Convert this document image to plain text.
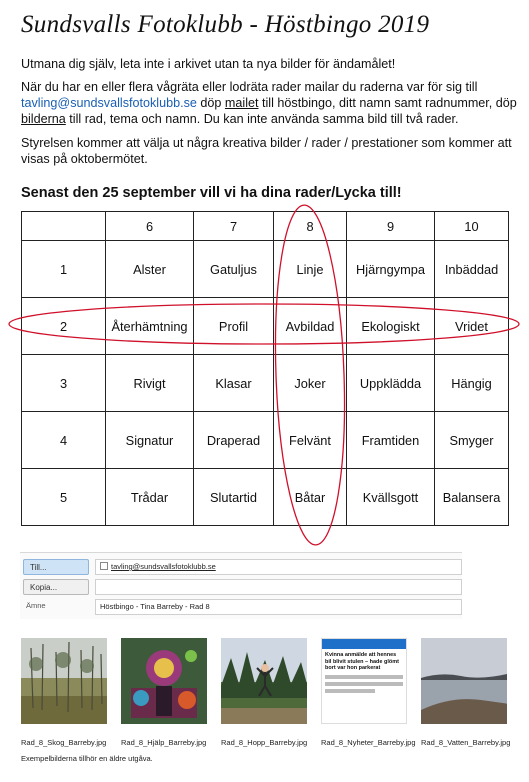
Sundsvalls Fotoklubb - Höstbingo 2019
Utmana dig själv, leta inte i arkivet utan ta nya bilder för ändamålet!
När du har en eller flera vågräta eller lodräta rader mailar du raderna var för sig till tavling@sundsvallsfotoklubb.se döp mailet till höstbingo, ditt namn samt radnummer, döp bilderna till rad, tema och namn. Du kan inte använda samma bild till två rader.
Styrelsen kommer att välja ut några kreativa bilder / rader / prestationer som kommer att visas på oktobermötet.
Senast den 25 september vill vi ha dina rader/Lycka till!
	6	7	8	9	10
1	Alster	Gatuljus	Linje	Hjärngympa	Inbäddad
2	Återhämtning	Profil	Avbildad	Ekologiskt	Vridet
3	Rivigt	Klasar	Joker	Uppklädda	Hängig
4	Signatur	Draperad	Felvänt	Framtiden	Smyger
5	Trådar	Slutartid	Båtar	Kvällsgott	Balansera
Till...	tavling@sundsvallsfotoklubb.se
Kopia...
Ämne	Höstbingo - Tina Barreby - Rad 8
Kvinna anmälde att hennes bil blivit stulen – hade glömt bort var hon parkerat
Rad_8_Skog_Barreby.jpg Rad_8_Hjälp_Barreby.jpg Rad_8_Hopp_Barreby.jpg Rad_8_Nyheter_Barreby.jpg Rad_8_Vatten_Barreby.jpg
Exempelbilderna tillhör en äldre utgåva.
